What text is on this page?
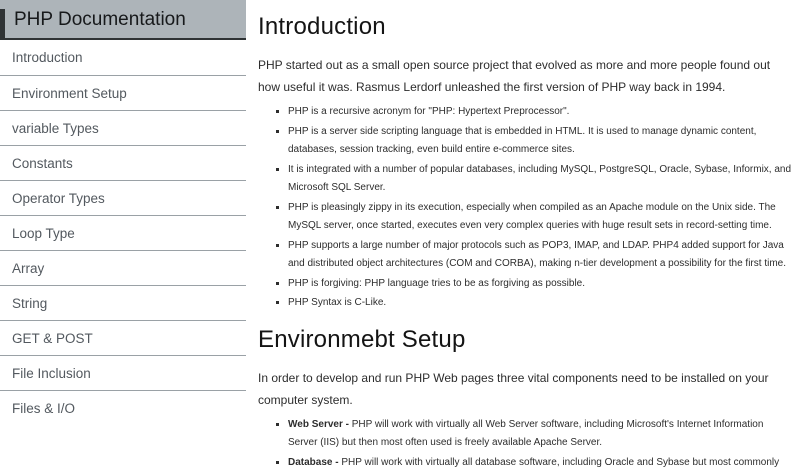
PHP Documentation
Introduction
Environment Setup
variable Types
Constants
Operator Types
Loop Type
Array
String
GET & POST
File Inclusion
Files & I/O
Introduction

PHP started out as a small open source project that evolved as more and more people found out how useful it was. Rasmus Lerdorf unleashed the first version of PHP way back in 1994.

▪ PHP is a recursive acronym for "PHP: Hypertext Preprocessor".
▪ PHP is a server side scripting language that is embedded in HTML. It is used to manage dynamic content, databases, session tracking, even build entire e-commerce sites.
▪ It is integrated with a number of popular databases, including MySQL, PostgreSQL, Oracle, Sybase, Informix, and Microsoft SQL Server.
▪ PHP is pleasingly zippy in its execution, especially when compiled as an Apache module on the Unix side. The MySQL server, once started, executes even very complex queries with huge result sets in record-setting time.
▪ PHP supports a large number of major protocols such as POP3, IMAP, and LDAP. PHP4 added support for Java and distributed object architectures (COM and CORBA), making n-tier development a possibility for the first time.
▪ PHP is forgiving: PHP language tries to be as forgiving as possible.
▪ PHP Syntax is C-Like.
Environmebt Setup

In order to develop and run PHP Web pages three vital components need to be installed on your computer system.

▪ Web Server - PHP will work with virtually all Web Server software, including Microsoft's Internet Information Server (IIS) but then most often used is freely available Apache Server.
▪ Database - PHP will work with virtually all database software, including Oracle and Sybase but most commonly
